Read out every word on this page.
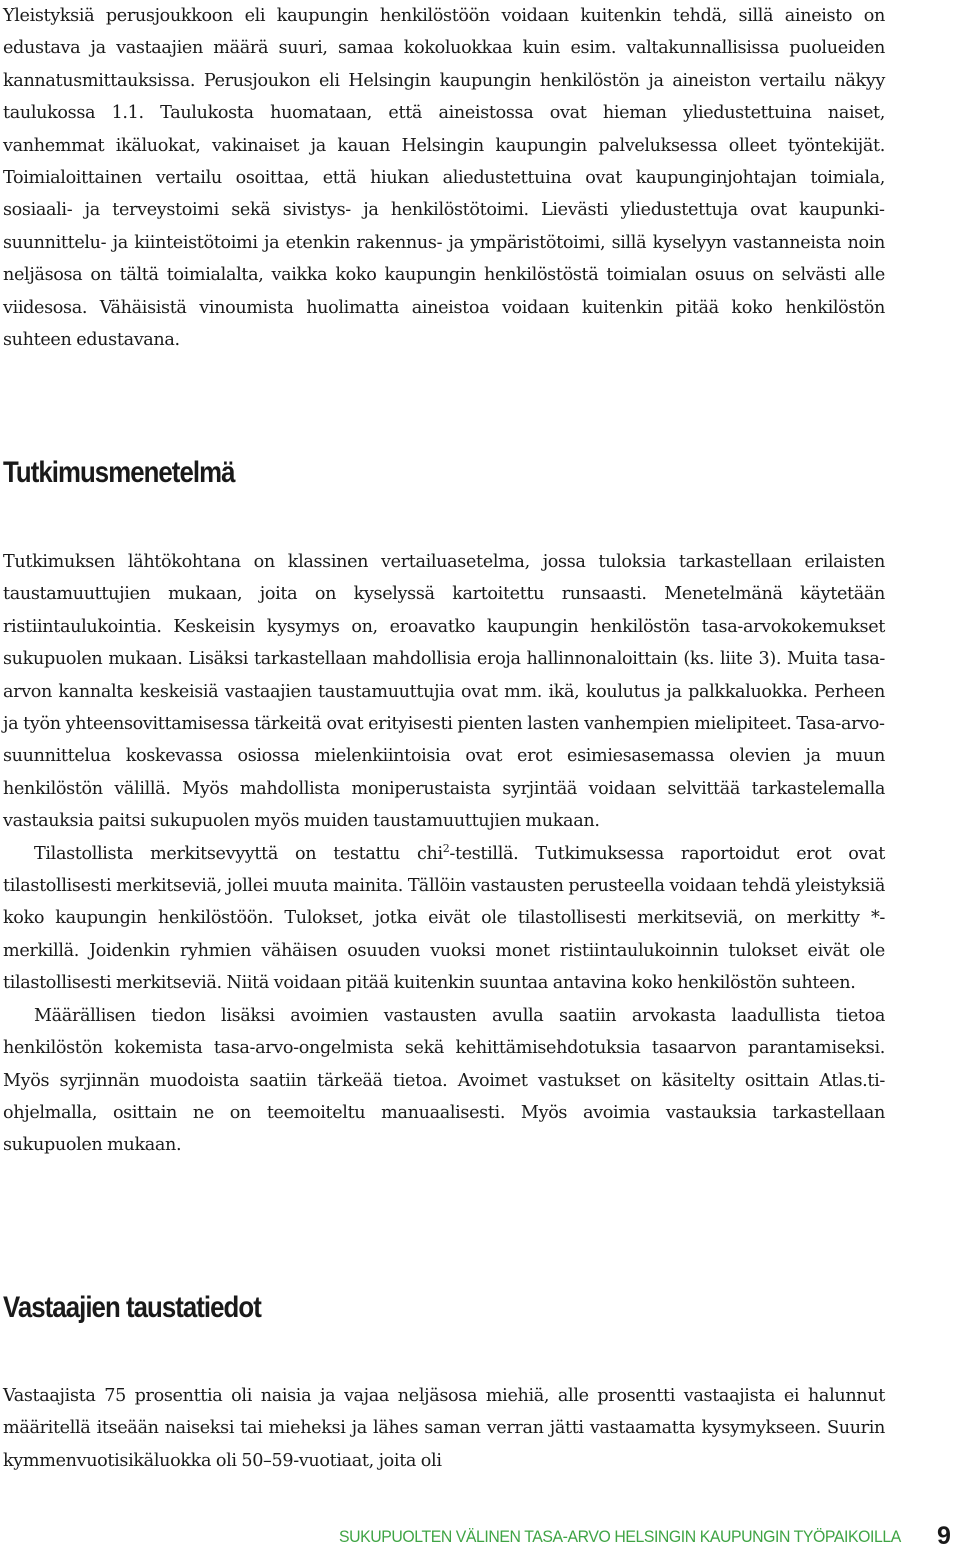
Yleistyksiä perusjoukkoon eli kaupungin henkilöstöön voidaan kuitenkin tehdä, sillä aineisto on edustava ja vastaajien määrä suuri, samaa kokoluokkaa kuin esim. valtakunnallisissa puolueiden kannatusmittauksissa. Perusjoukon eli Helsingin kaupungin henkilöstön ja aineiston vertailu näkyy taulukossa 1.1. Taulukosta huomataan, että aineistossa ovat hieman yliedustettuina naiset, vanhemmat ikäluokat, vakinaiset ja kauan Helsingin kaupungin palveluksessa olleet työntekijät. Toimialoittainen vertailu osoittaa, että hiukan aliedustettuina ovat kaupunginjohtajan toimiala, sosiaali- ja terveystoimi sekä sivistys- ja henkilöstötoimi. Lievästi yliedustettuja ovat kaupunkisuunnittelu- ja kiinteistötoimi ja etenkin rakennus- ja ympäristötoimi, sillä kyselyyn vastanneista noin neljäsosa on tältä toimialalta, vaikka koko kaupungin henkilöstöstä toimialan osuus on selvästi alle viidesosa. Vähäisistä vinoumista huolimatta aineistoa voidaan kuitenkin pitää koko henkilöstön suhteen edustavana.

Tutkimusmenetelmä

Tutkimuksen lähtökohtana on klassinen vertailuasetelma, jossa tuloksia tarkastellaan erilaisten taustamuuttujien mukaan, joita on kyselyssä kartoitettu runsaasti. Menetelmänä käytetään ristiintaulukointia. Keskeisin kysymys on, eroavatko kaupungin henkilöstön tasa-arvokokemukset sukupuolen mukaan. Lisäksi tarkastellaan mahdollisia eroja hallinnonaloittain (ks. liite 3). Muita tasa-arvon kannalta keskeisiä vastaajien taustamuuttujia ovat mm. ikä, koulutus ja palkkaluokka. Perheen ja työn yhteensovittamisessa tärkeitä ovat erityisesti pienten lasten vanhempien mielipiteet. Tasa-arvosuunnittelua koskevassa osiossa mielenkiintoisia ovat erot esimiesasemassa olevien ja muun henkilöstön välillä. Myös mahdollista moniperustaista syrjintää voidaan selvittää tarkastelemalla vastauksia paitsi sukupuolen myös muiden taustamuuttujien mukaan.

Tilastollista merkitsevyyttä on testattu chi$^2$-testillä. Tutkimuksessa raportoidut erot ovat tilastollisesti merkitseviä, jollei muuta mainita. Tällöin vastausten perusteella voidaan tehdä yleistyksiä koko kaupungin henkilöstöön. Tulokset, jotka eivät ole tilastollisesti merkitseviä, on merkitty *-merkillä. Joidenkin ryhmien vähäisen osuuden vuoksi monet ristiintaulukoinnin tulokset eivät ole tilastollisesti merkitseviä. Niitä voidaan pitää kuitenkin suuntaa antavina koko henkilöstön suhteen.

Määrällisen tiedon lisäksi avoimien vastausten avulla saatiin arvokasta laadullista tietoa henkilöstön kokemista tasa-arvo-ongelmista sekä kehittämisehdotuksia tasaarvon parantamiseksi. Myös syrjinnän muodoista saatiin tärkeää tietoa. Avoimet vastukset on käsitelty osittain Atlas.ti-ohjelmalla, osittain ne on teemoiteltu manuaalisesti. Myös avoimia vastauksia tarkastellaan sukupuolen mukaan.

Vastaajien taustatiedot

Vastaajista 75 prosenttia oli naisia ja vajaa neljäsosa miehiä, alle prosentti vastaajista ei halunnut määritellä itseään naiseksi tai mieheksi ja lähes saman verran jätti vastaamatta kysymykseen. Suurin kymmenvuotisikäluokka oli 50–59-vuotiaat, joita oli

SUKUPUOLTEN VÄLINEN TASA-ARVO HELSINGIN KAUPUNGIN TYÖPAIKOILLA 9
